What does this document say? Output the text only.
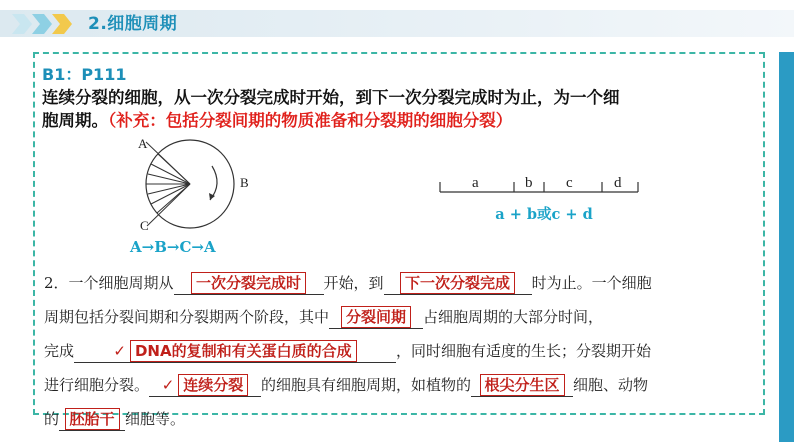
2.细胞周期
B1：P111
连续分裂的细胞，从一次分裂完成时开始，到下一次分裂完成时为止，为一个细
胞周期。（补充：包括分裂间期的物质准备和分裂期的细胞分裂）
A
B
C
A→B→C→A
a	b c	d
a + b或c + d
2．一个细胞周期从 一次分裂完成时 开始，到 下一次分裂完成 时为止。一个细胞
周期包括分裂间期和分裂期两个阶段，其中 分裂间期 占细胞周期的大部分时间，
完成	✓ DNA的复制和有关蛋白质的合成	，同时细胞有适度的生长；分裂期开始
进行细胞分裂。 ✓ 连续分裂 的细胞具有细胞周期，如植物的 根尖分生区 细胞、动物
的 胚胎干 细胞等。
